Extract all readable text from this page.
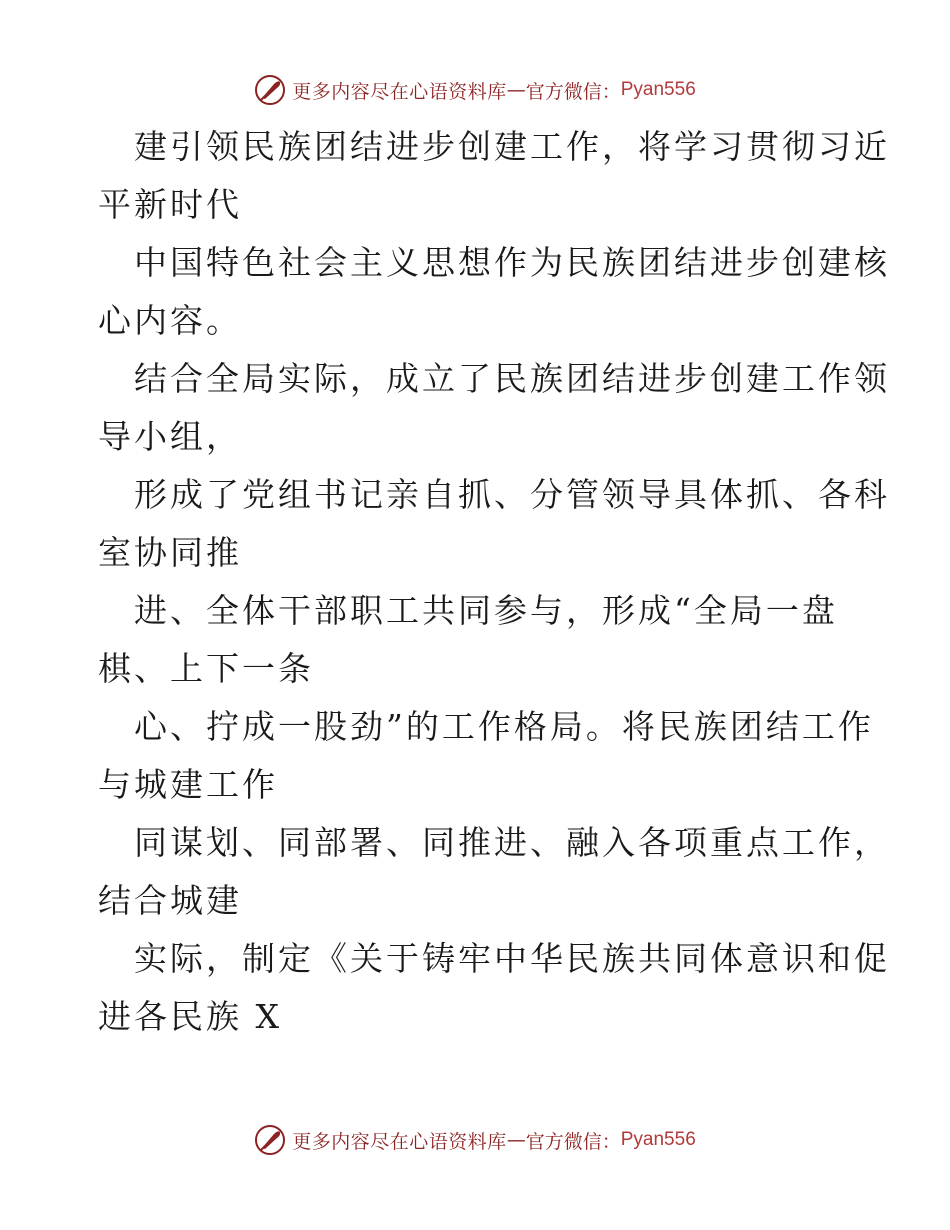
更多内容尽在心语资料库 — 官方微信： Pyan556
建引领民族团结进步创建工作，将学习贯彻习近
平新时代
中国特色社会主义思想作为民族团结进步创建核
心内容。
结合全局实际，成立了民族团结进步创建工作领
导小组，
形成了党组书记亲自抓、分管领导具体抓、各科
室协同推
进、全体干部职工共同参与，形成“全局一盘
棋、上下一条
心、拧成一股劲”的工作格局。将民族团结工作
与城建工作
同谋划、同部署、同推进、融入各项重点工作，
结合城建
实际，制定《关于铸牢中华民族共同体意识和促
进各民族 X
更多内容尽在心语资料库 — 官方微信： Pyan556
